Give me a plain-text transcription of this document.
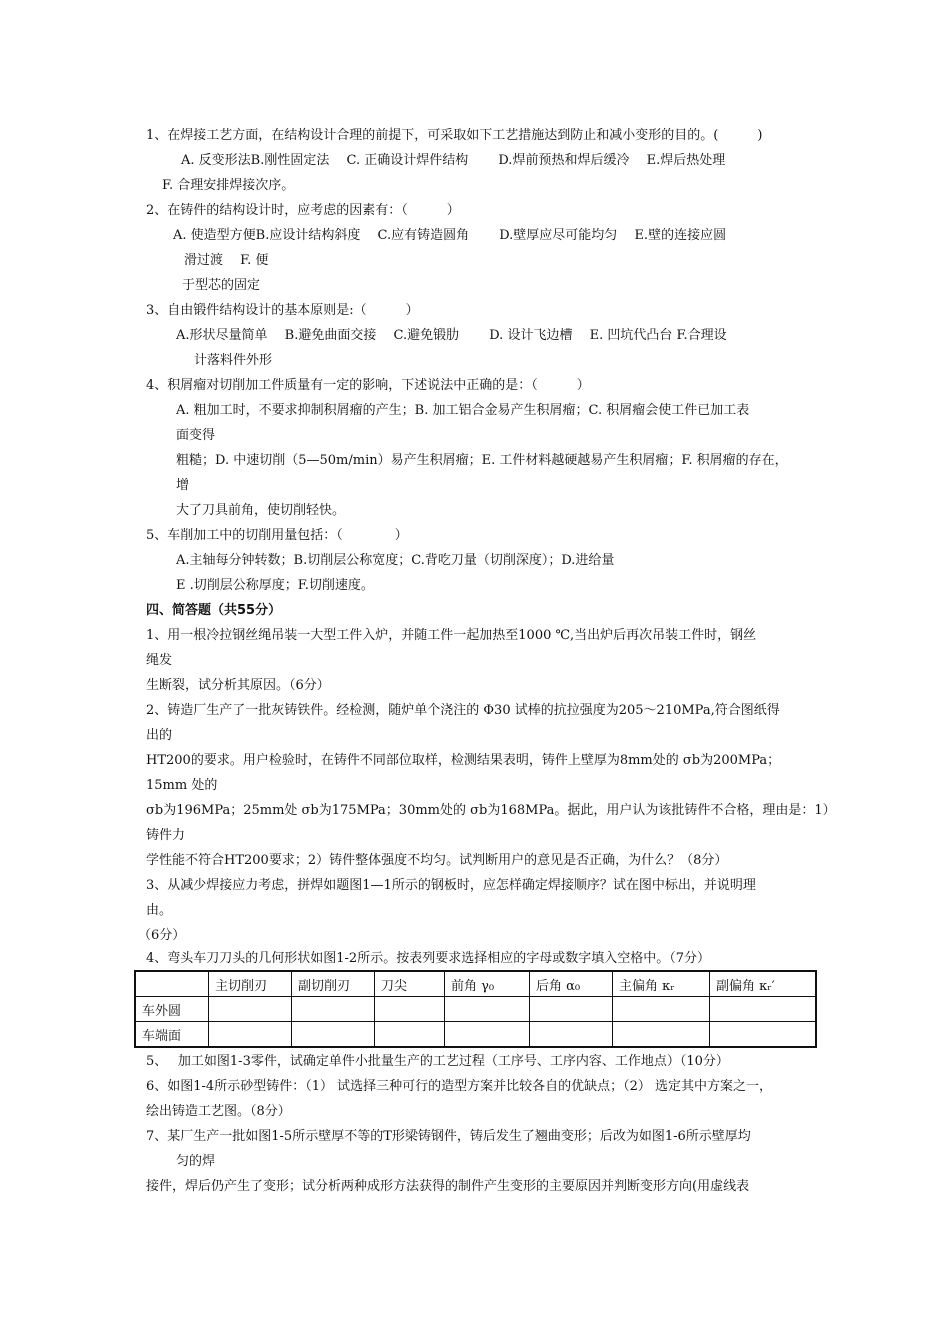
1、在焊接工艺方面，在结构设计合理的前提下，可采取如下工艺措施达到防止和减小变形的目的。(　　　)
A. 反变形法B.刚性固定法　 C. 正确设计焊件结构　　 D.焊前预热和焊后缓冷　 E.焊后热处理
F. 合理安排焊接次序。
2、在铸件的结构设计时，应考虑的因素有：（　　　）
A. 使造型方便B.应设计结构斜度　 C.应有铸造圆角　　 D.壁厚应尽可能均匀　 E.壁的连接应圆
滑过渡　 F. 便
于型芯的固定
3、自由锻件结构设计的基本原则是:（　　　）
A.形状尽量简单　 B.避免曲面交接　 C.避免锻肋　　 D. 设计飞边槽　 E. 凹坑代凸台 F.合理设
计落料件外形
4、积屑瘤对切削加工件质量有一定的影响，下述说法中正确的是：（　　　）
A. 粗加工时，不要求抑制积屑瘤的产生；B. 加工铝合金易产生积屑瘤；C. 积屑瘤会使工件已加工表
面变得
粗糙；D. 中速切削（5—50m/min）易产生积屑瘤；E. 工件材料越硬越易产生积屑瘤；F. 积屑瘤的存在，
增
大了刀具前角，使切削轻快。
5、车削加工中的切削用量包括：（　　　　）
A.主轴每分钟转数；B.切削层公称宽度；C.背吃刀量（切削深度）；D.进给量
E .切削层公称厚度；F.切削速度。
四、简答题（共55分）
1、用一根冷拉钢丝绳吊装一大型工件入炉，并随工件一起加热至1000 ℃,当出炉后再次吊装工件时，钢丝
绳发
生断裂，试分析其原因。（6分）
2、铸造厂生产了一批灰铸铁件。经检测，随炉单个浇注的 Φ30 试棒的抗拉强度为205～210MPa,符合图纸得
出的
HT200的要求。用户检验时，在铸件不同部位取样，检测结果表明，铸件上壁厚为8mm处的 σb为200MPa；
15mm 处的
σb为196MPa；25mm处 σb为175MPa；30mm处的 σb为168MPa。据此，用户认为该批铸件不合格，理由是：1）
铸件力
学性能不符合HT200要求；2）铸件整体强度不均匀。试判断用户的意见是否正确，为什么？（8分）
3、从减少焊接应力考虑，拼焊如题图1—1所示的钢板时，应怎样确定焊接顺序？试在图中标出，并说明理
由。
（6分）
4、弯头车刀刀头的几何形状如图1-2所示。按表列要求选择相应的字母或数字填入空格中。（7分）
	主切削刃	副切削刃	刀尖	前角 γ₀	后角 α₀	主偏角 κᵣ	副偏角 κᵣ′
车外圆							
车端面							
5、　 加工如图1-3零件，试确定单件小批量生产的工艺过程（工序号、工序内容、工作地点）（10分）
6、如图1-4所示砂型铸件：（1） 试选择三种可行的造型方案并比较各自的优缺点；（2） 选定其中方案之一，
绘出铸造工艺图。（8分）
7、某厂生产一批如图1-5所示壁厚不等的T形梁铸钢件，铸后发生了翘曲变形；后改为如图1-6所示壁厚均
匀的焊
接件，焊后仍产生了变形；试分析两种成形方法获得的制件产生变形的主要原因并判断变形方向(用虚线表
